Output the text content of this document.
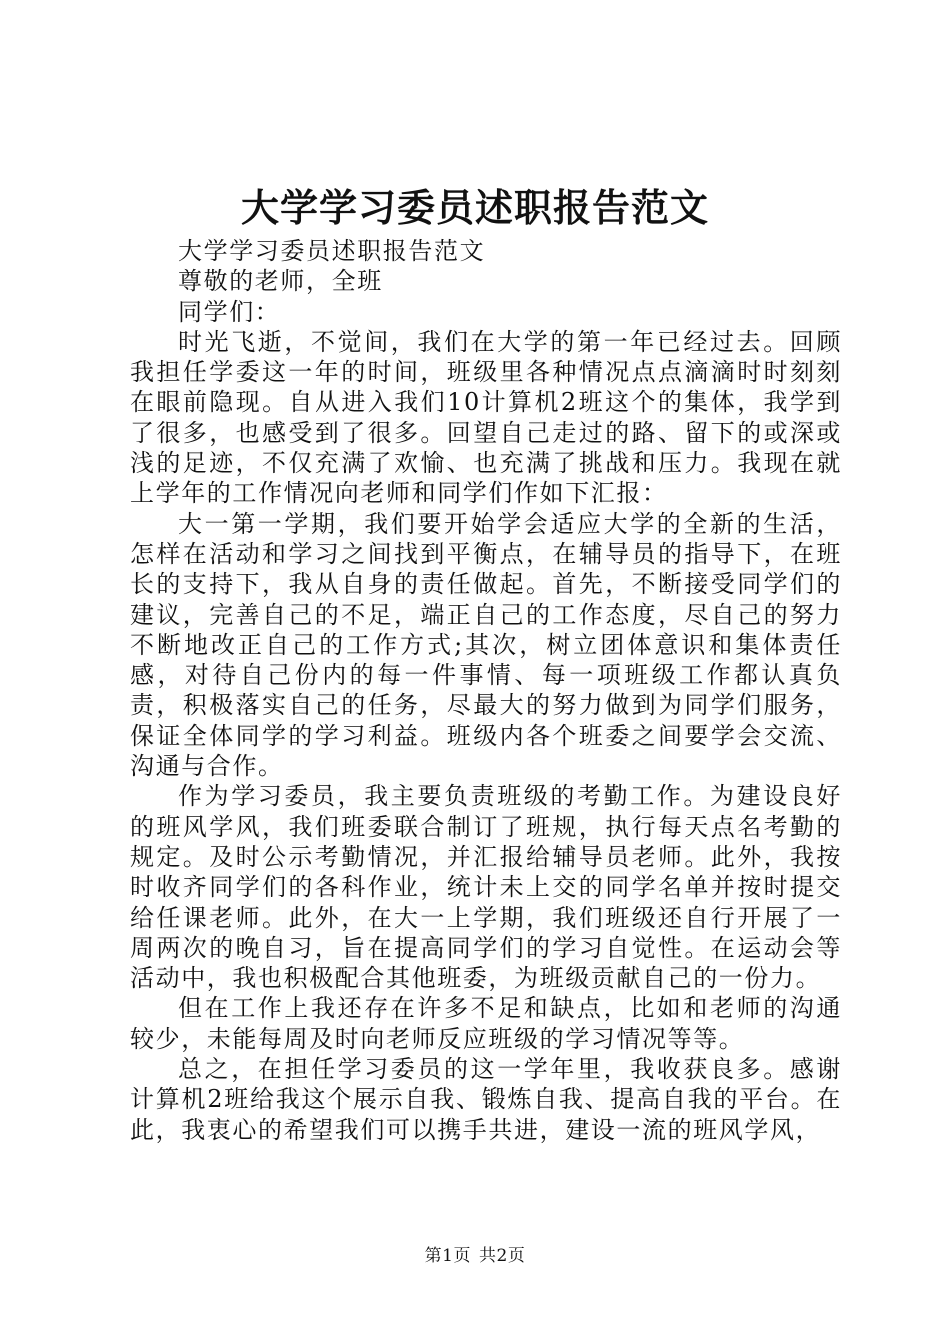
大学学习委员述职报告范文

大学学习委员述职报告范文

尊敬的老师，全班

同学们：

时光飞逝，不觉间，我们在大学的第一年已经过去。回顾我担任学委这一年的时间，班级里各种情况点点滴滴时时刻刻在眼前隐现。自从进入我们10计算机2班这个的集体，我学到了很多，也感受到了很多。回望自己走过的路、留下的或深或浅的足迹，不仅充满了欢愉、也充满了挑战和压力。我现在就上学年的工作情况向老师和同学们作如下汇报：

大一第一学期，我们要开始学会适应大学的全新的生活，怎样在活动和学习之间找到平衡点，在辅导员的指导下，在班长的支持下，我从自身的责任做起。首先，不断接受同学们的建议，完善自己的不足，端正自己的工作态度，尽自己的努力不断地改正自己的工作方式;其次，树立团体意识和集体责任感，对待自己份内的每一件事情、每一项班级工作都认真负责，积极落实自己的任务，尽最大的努力做到为同学们服务，保证全体同学的学习利益。班级内各个班委之间要学会交流、沟通与合作。

作为学习委员，我主要负责班级的考勤工作。为建设良好的班风学风，我们班委联合制订了班规，执行每天点名考勤的规定。及时公示考勤情况，并汇报给辅导员老师。此外，我按时收齐同学们的各科作业，统计未上交的同学名单并按时提交给任课老师。此外，在大一上学期，我们班级还自行开展了一周两次的晚自习，旨在提高同学们的学习自觉性。在运动会等活动中，我也积极配合其他班委，为班级贡献自己的一份力。

但在工作上我还存在许多不足和缺点，比如和老师的沟通较少，未能每周及时向老师反应班级的学习情况等等。

总之，在担任学习委员的这一学年里，我收获良多。感谢计算机2班给我这个展示自我、锻炼自我、提高自我的平台。在此，我衷心的希望我们可以携手共进，建设一流的班风学风，

第1页 共2页
